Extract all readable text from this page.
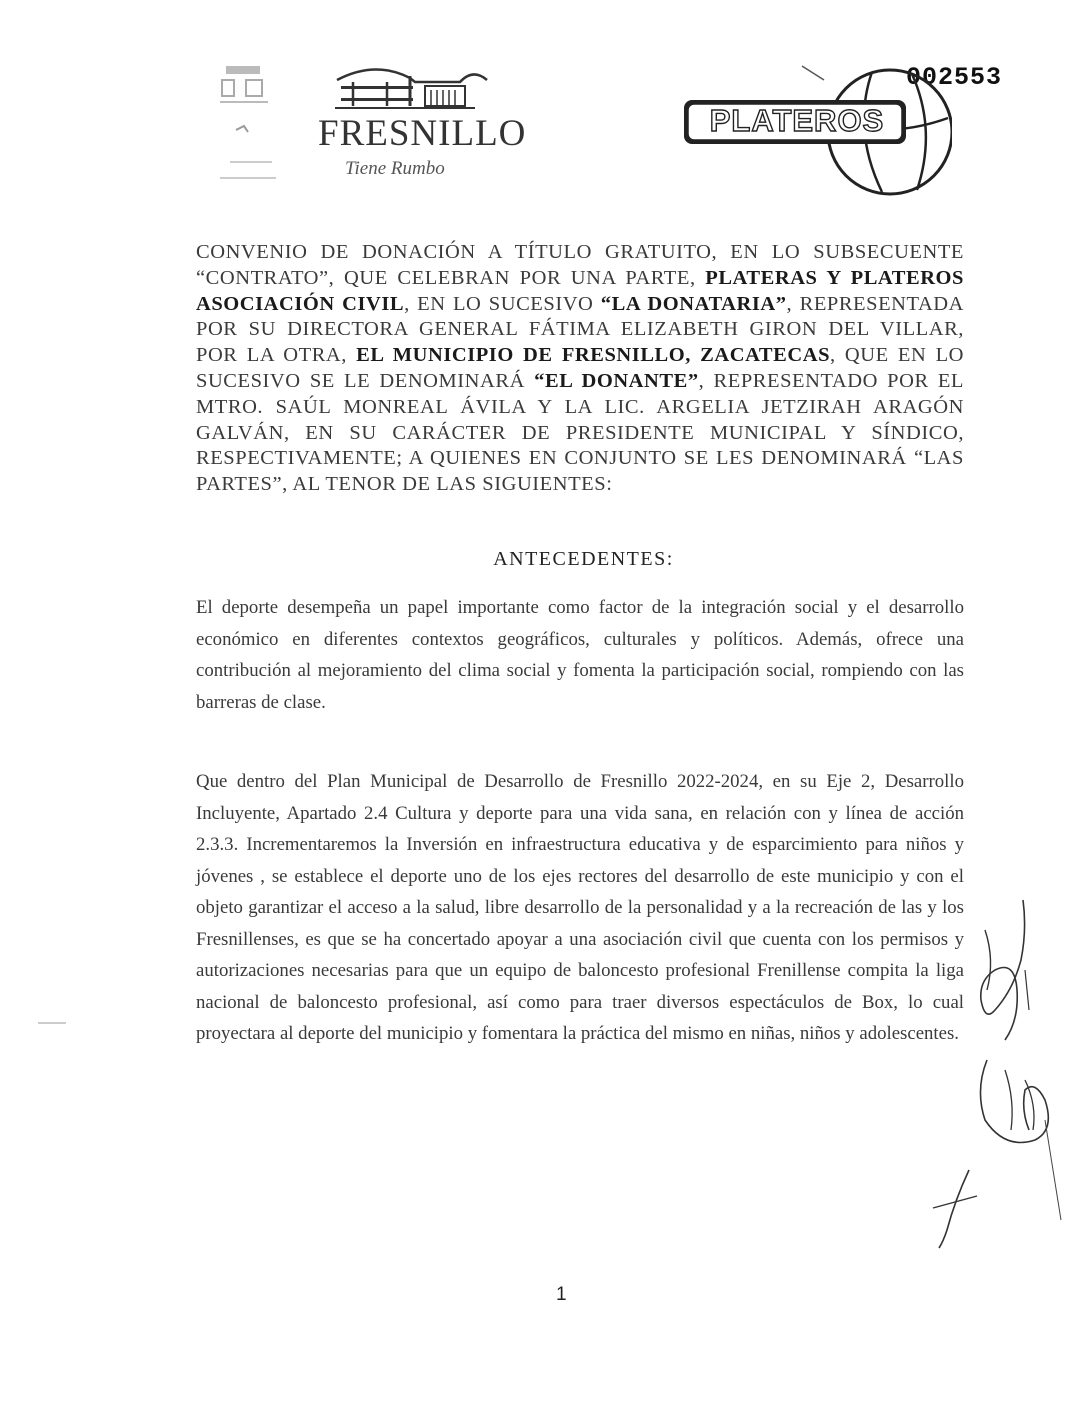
FRESNILLO
Tiene Rumbo
002553
PLATEROS
CONVENIO DE DONACIÓN A TÍTULO GRATUITO, EN LO SUBSECUENTE “CONTRATO”, QUE CELEBRAN POR UNA PARTE, PLATERAS Y PLATEROS ASOCIACIÓN CIVIL, EN LO SUCESIVO “LA DONATARIA”, REPRESENTADA POR SU DIRECTORA GENERAL FÁTIMA ELIZABETH GIRON DEL VILLAR, POR LA OTRA, EL MUNICIPIO DE FRESNILLO, ZACATECAS, QUE EN LO SUCESIVO SE LE DENOMINARÁ “EL DONANTE”, REPRESENTADO POR EL MTRO. SAÚL MONREAL ÁVILA Y LA LIC. ARGELIA JETZIRAH ARAGÓN GALVÁN, EN SU CARÁCTER DE PRESIDENTE MUNICIPAL Y SÍNDICO, RESPECTIVAMENTE; A QUIENES EN CONJUNTO SE LES DENOMINARÁ “LAS PARTES”, AL TENOR DE LAS SIGUIENTES:
ANTECEDENTES:
El deporte desempeña un papel importante como factor de la integración social y el desarrollo económico en diferentes contextos geográficos, culturales y políticos. Además, ofrece una contribución al mejoramiento del clima social y fomenta la participación social, rompiendo con las barreras de clase.
Que dentro del Plan Municipal de Desarrollo de Fresnillo 2022-2024, en su Eje 2, Desarrollo Incluyente, Apartado 2.4 Cultura y deporte para una vida sana, en relación con y línea de acción 2.3.3. Incrementaremos la Inversión en infraestructura educativa y de esparcimiento para niños y jóvenes , se establece el deporte uno de los ejes rectores del desarrollo de este municipio y con el objeto garantizar el acceso a la salud, libre desarrollo de la personalidad y a la recreación de las y los Fresnillenses, es que se ha concertado apoyar a una asociación civil que cuenta con los permisos y autorizaciones necesarias para que un equipo de baloncesto profesional Frenillense compita la liga nacional de baloncesto profesional, así como para traer diversos espectáculos de Box, lo cual proyectara al deporte del municipio y fomentara la práctica del mismo en niñas, niños y adolescentes.
1
